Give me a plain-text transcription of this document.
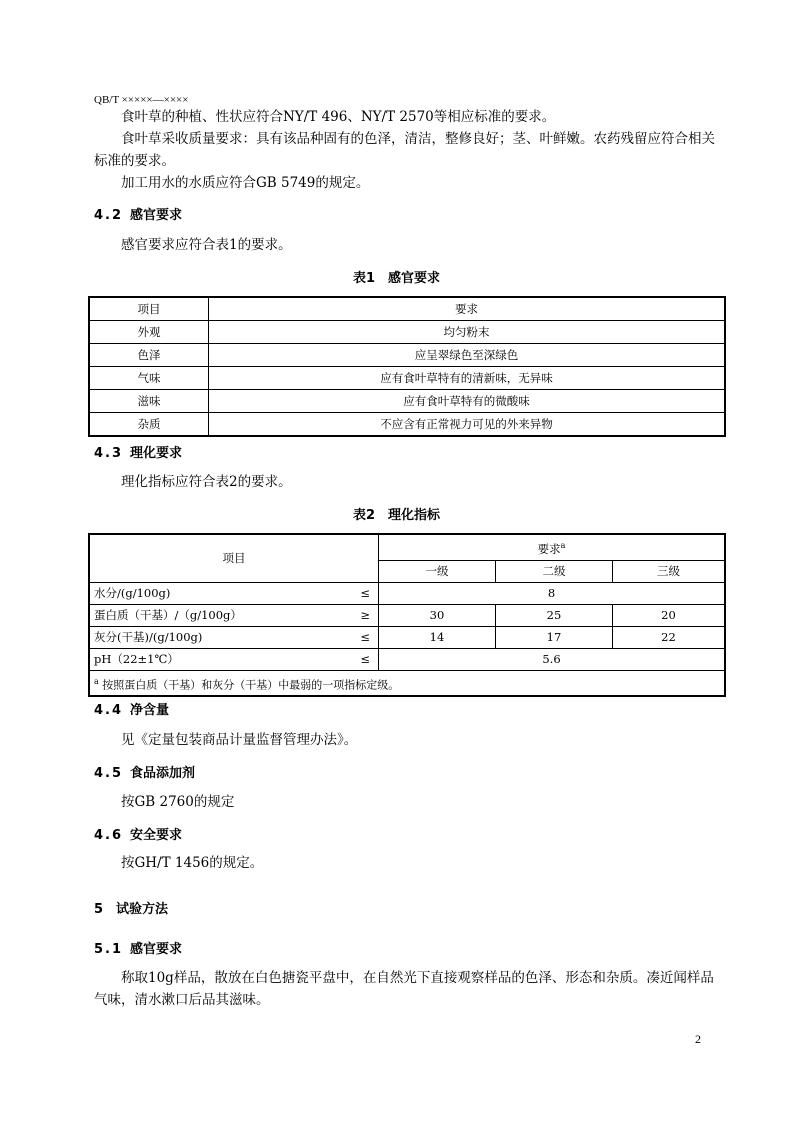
QB/T ×××××—××××
食叶草的种植、性状应符合NY/T 496、NY/T 2570等相应标准的要求。
食叶草采收质量要求：具有该品种固有的色泽，清洁，整修良好；茎、叶鲜嫩。农药残留应符合相关标准的要求。
加工用水的水质应符合GB 5749的规定。
4.2 感官要求
感官要求应符合表1的要求。
表1　感官要求
项目	要求
外观	均匀粉末
色泽	应呈翠绿色至深绿色
气味	应有食叶草特有的清新味，无异味
滋味	应有食叶草特有的微酸味
杂质	不应含有正常视力可见的外来异物
4.3 理化要求
理化指标应符合表2的要求。
表2　理化指标
项目	要求$^a$
	一级	二级	三级
水分/(g/100g) ≤	8		
蛋白质（干基）/（g/100g） ≥	30	25	20
灰分(干基)/(g/100g) ≤	14	17	22
pH（22±1℃） ≤	5.6		
$^a$ 按照蛋白质（干基）和灰分（干基）中最弱的一项指标定级。			
4.4 净含量
见《定量包装商品计量监督管理办法》。
4.5 食品添加剂
按GB 2760的规定
4.6 安全要求
按GH/T 1456的规定。
5 试验方法
5.1 感官要求
称取10g样品，散放在白色搪瓷平盘中，在自然光下直接观察样品的色泽、形态和杂质。凑近闻样品气味，清水漱口后品其滋味。
2
